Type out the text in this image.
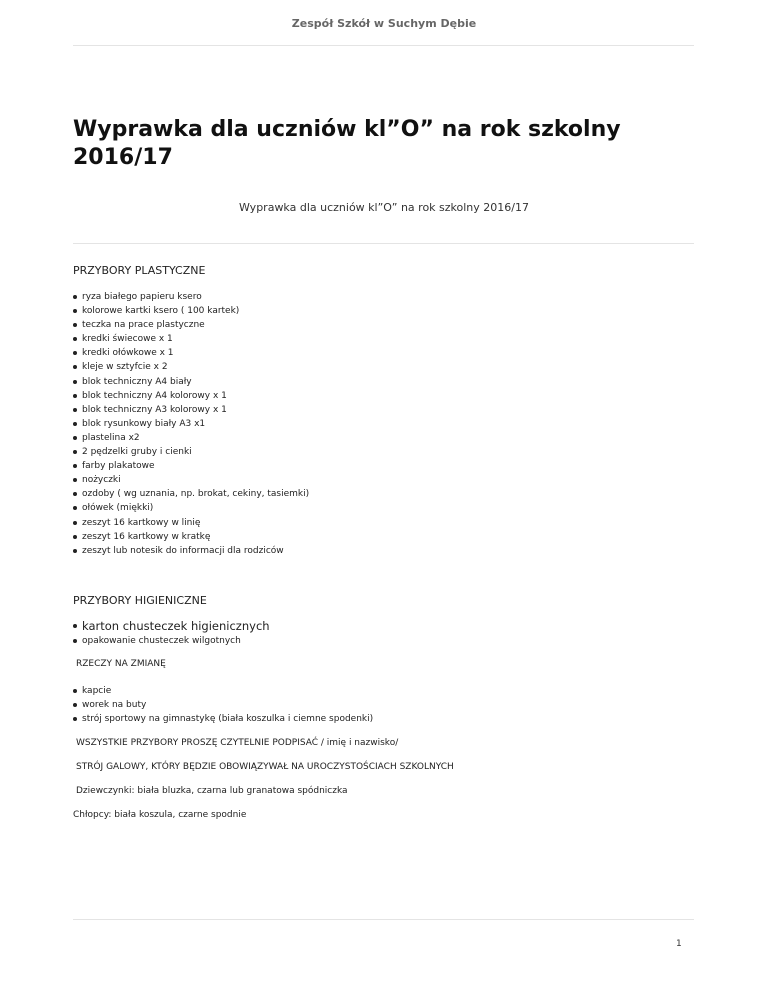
Zespół Szkół w Suchym Dębie
Wyprawka dla uczniów kl”O” na rok szkolny 2016/17
Wyprawka dla uczniów kl”O” na rok szkolny 2016/17
PRZYBORY PLASTYCZNE
ryza białego papieru ksero
kolorowe kartki ksero ( 100 kartek)
teczka na prace plastyczne
kredki świecowe x 1
kredki ołówkowe x 1
kleje w sztyfcie x 2
blok techniczny A4 biały
blok techniczny A4 kolorowy x 1
blok techniczny A3 kolorowy x 1
blok rysunkowy biały A3 x1
plastelina x2
2 pędzelki gruby i cienki
farby plakatowe
nożyczki
ozdoby ( wg uznania, np. brokat, cekiny, tasiemki)
ołówek (miękki)
zeszyt 16 kartkowy w linię
zeszyt 16 kartkowy w kratkę
zeszyt lub notesik do informacji dla rodziców
PRZYBORY HIGIENICZNE
karton chusteczek higienicznych
opakowanie chusteczek wilgotnych
RZECZY NA ZMIANĘ
kapcie
worek na buty
strój sportowy na gimnastykę (biała koszulka i ciemne spodenki)
WSZYSTKIE PRZYBORY PROSZĘ CZYTELNIE PODPISAĆ / imię i nazwisko/
STRÓJ GALOWY, KTÓRY BĘDZIE OBOWIĄZYWAŁ NA UROCZYSTOŚCIACH SZKOLNYCH
Dziewczynki: biała bluzka, czarna lub granatowa spódniczka
Chłopcy: biała koszula, czarne spodnie
1
